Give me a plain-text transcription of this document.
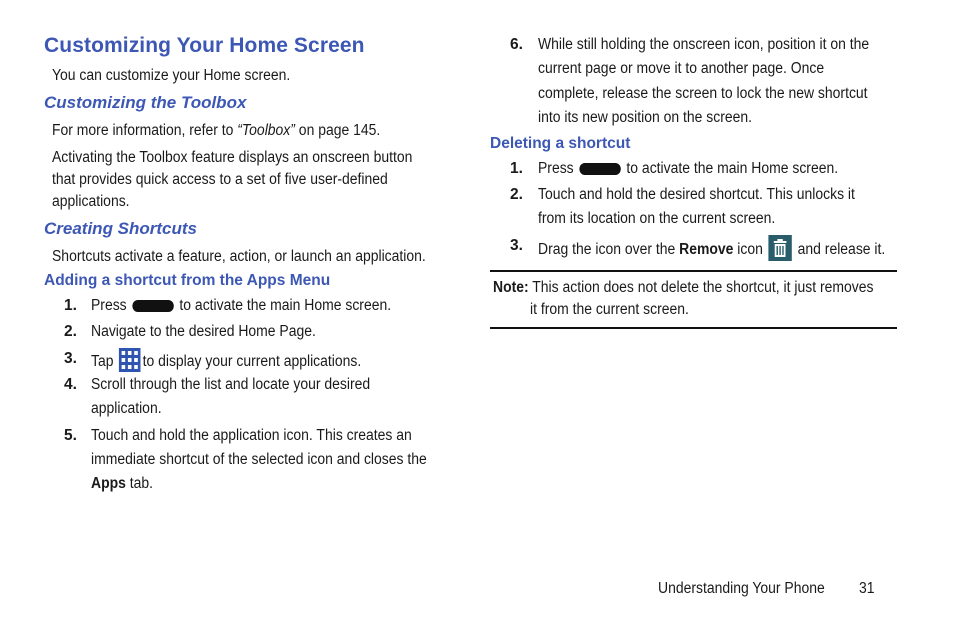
Customizing Your Home Screen
You can customize your Home screen.
Customizing the Toolbox
For more information, refer to “Toolbox” on page 145.
Activating the Toolbox feature displays an onscreen button
that provides quick access to a set of five user-defined
applications.
Creating Shortcuts
Shortcuts activate a feature, action, or launch an application.
Adding a shortcut from the Apps Menu
1. Press	to activate the main Home screen.
2. Navigate to the desired Home Page.
3. Tap to display your current applications.
4. Scroll through the list and locate your desired
application.
5. Touch and hold the application icon. This creates an
immediate shortcut of the selected icon and closes the
Apps tab.
6. While still holding the onscreen icon, position it on the
current page or move it to another page. Once
complete, release the screen to lock the new shortcut
into its new position on the screen.
Deleting a shortcut
1. Press	to activate the main Home screen.
2. Touch and hold the desired shortcut. This unlocks it
from its location on the current screen.
3. Drag the icon over the Remove icon and release it.
Note: This action does not delete the shortcut, it just removes
it from the current screen.
Understanding Your Phone 31
